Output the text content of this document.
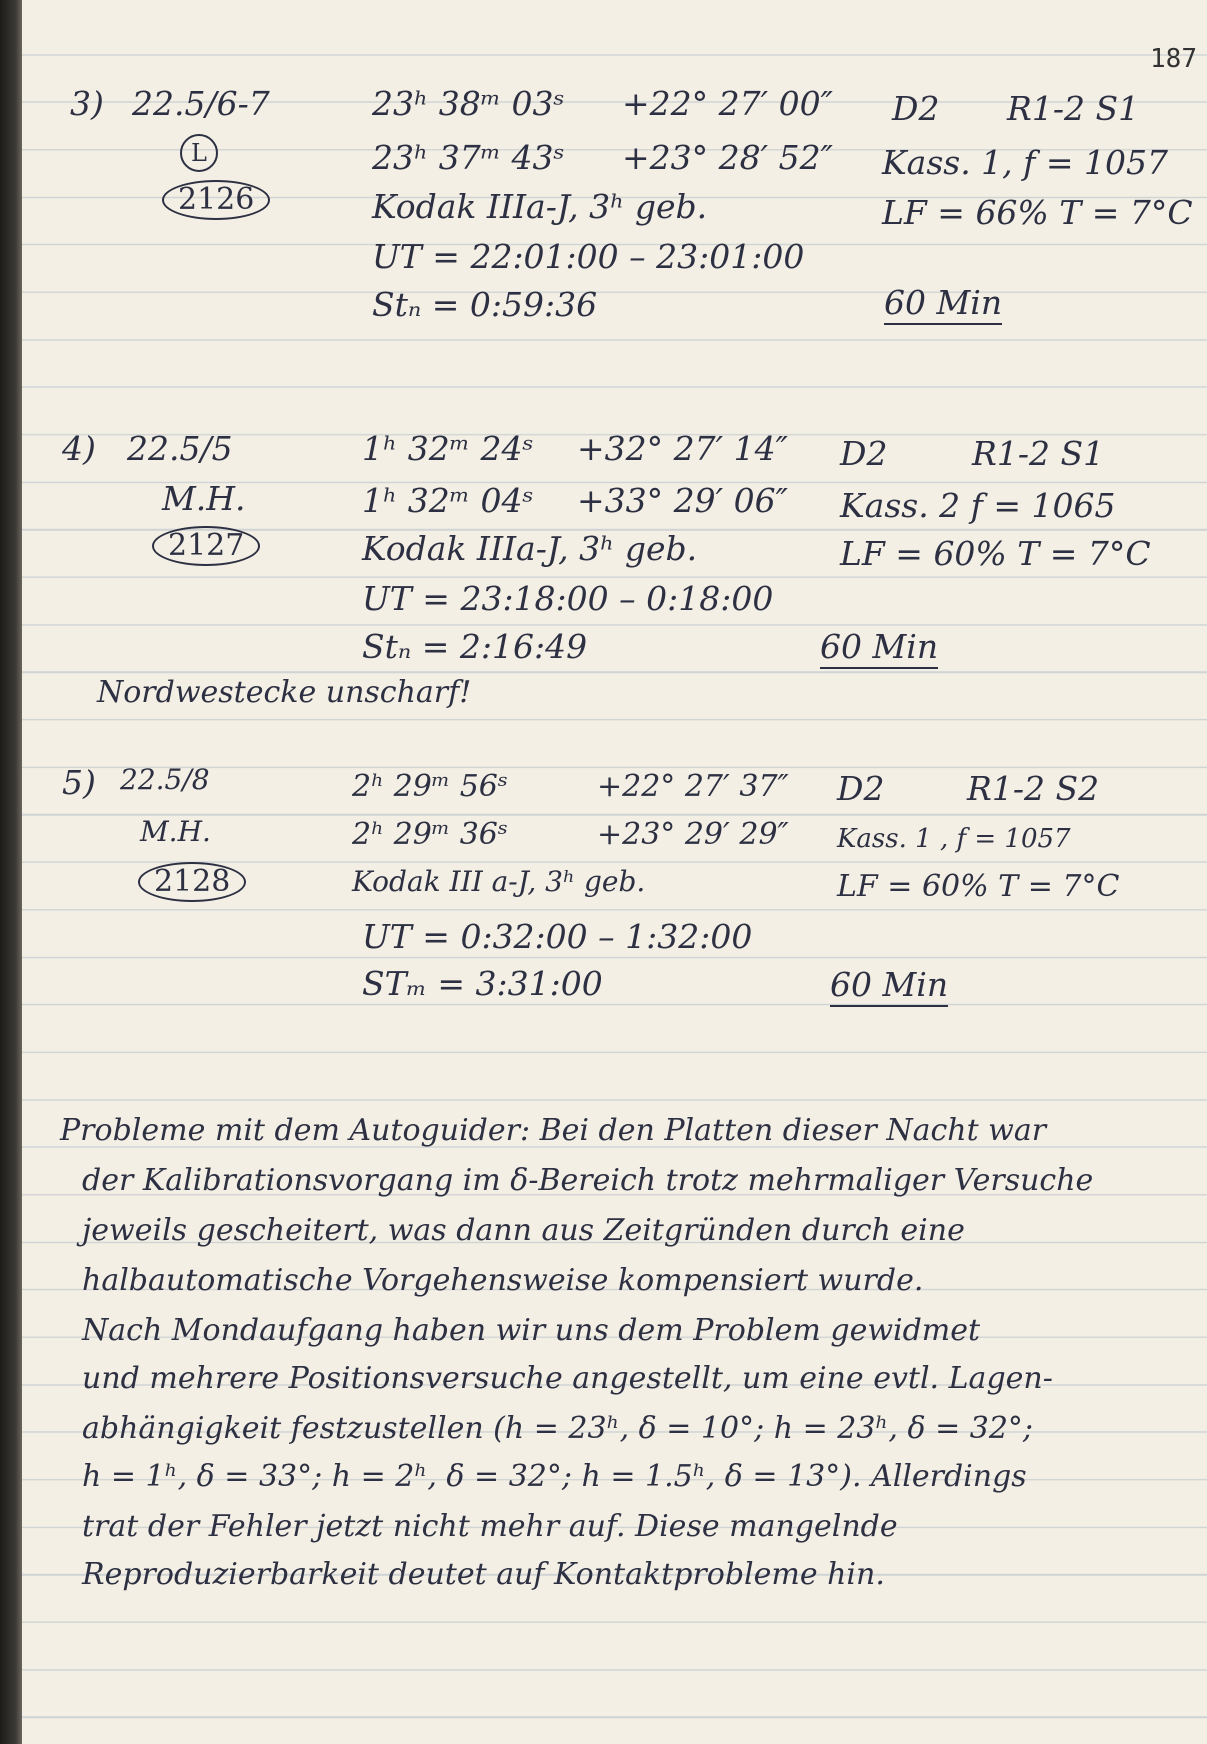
187
3) 22.5/6-7
L
2126
23ʰ 38ᵐ 03ˢ +22° 27′ 00″
23ʰ 37ᵐ 43ˢ +23° 28′ 52″
Kodak IIIa-J, 3ʰ geb.
UT = 22:01:00 – 23:01:00
Stₙ = 0:59:36
D2 R1-2 S1
Kass. 1, f = 1057
LF = 66% T = 7°C
60 Min
4) 22.5/5
M.H.
2127
1ʰ 32ᵐ 24ˢ +32° 27′ 14″
1ʰ 32ᵐ 04ˢ +33° 29′ 06″
Kodak IIIa-J, 3ʰ geb.
UT = 23:18:00 – 0:18:00
Stₙ = 2:16:49
D2	R1-2 S1
Kass. 2 f = 1065
LF = 60% T = 7°C
60 Min
Nordwestecke unscharf!
5) 22.5/8
M.H.
2128
2ʰ 29ᵐ 56ˢ	+22° 27′ 37″
2ʰ 29ᵐ 36ˢ	+23° 29′ 29″
Kodak III a-J, 3ʰ geb.
UT = 0:32:00 – 1:32:00
STₘ = 3:31:00
D2	R1-2 S2
Kass. 1 , f = 1057
LF = 60% T = 7°C
60 Min

Probleme mit dem Autoguider: Bei den Platten dieser Nacht war

der Kalibrationsvorgang im δ-Bereich trotz mehrmaliger Versuche

jeweils gescheitert, was dann aus Zeitgründen durch eine

halbautomatische Vorgehensweise kompensiert wurde.

Nach Mondaufgang haben wir uns dem Problem gewidmet

und mehrere Positionsversuche angestellt, um eine evtl. Lagen-

abhängigkeit festzustellen (h = 23ʰ, δ = 10°; h = 23ʰ, δ = 32°;

h = 1ʰ, δ = 33°; h = 2ʰ, δ = 32°; h = 1.5ʰ, δ = 13°). Allerdings

trat der Fehler jetzt nicht mehr auf. Diese mangelnde

Reproduzierbarkeit deutet auf Kontaktprobleme hin.
